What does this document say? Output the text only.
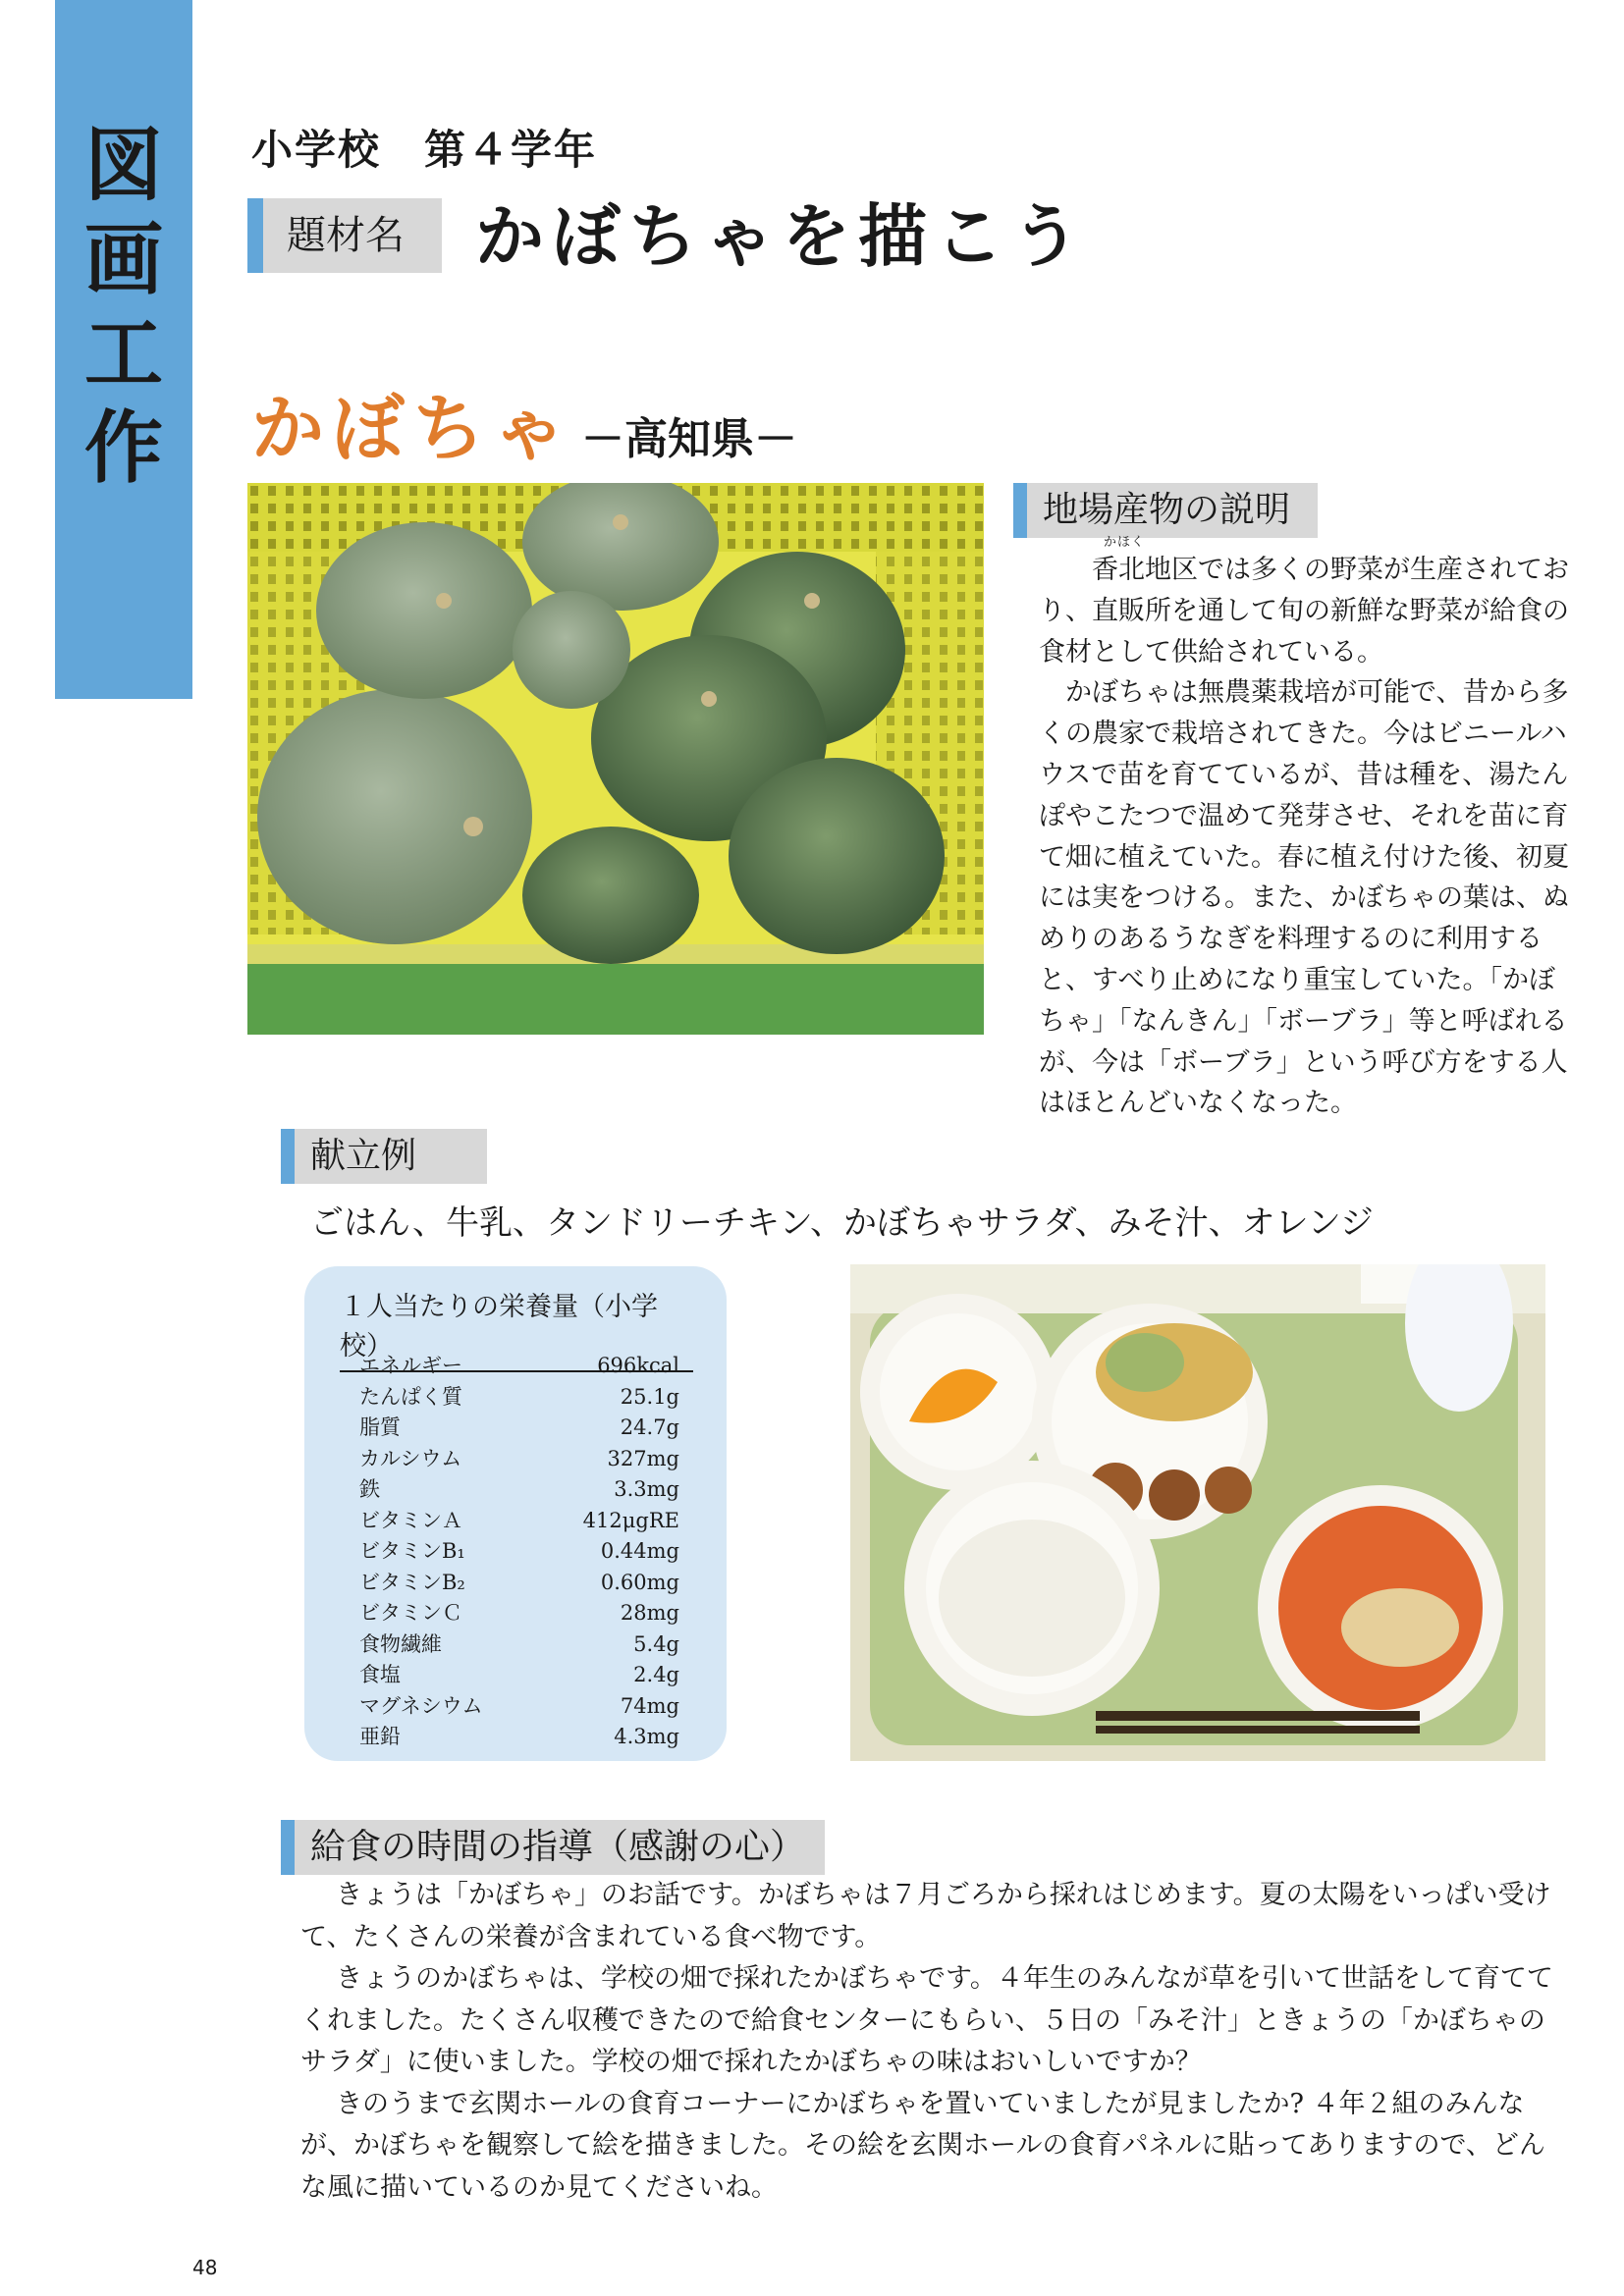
図
画
工
作
小学校　第４学年
題材名	かぼちゃを描こう
かぼちゃ －高知県－
地場産物の説明

かほく
香北地区では多くの野菜が生産されており、直販所を通して旬の新鮮な野菜が給食の食材として供給されている。

かぼちゃは無農薬栽培が可能で、昔から多くの農家で栽培されてきた。今はビニールハウスで苗を育てているが、昔は種を、湯たんぽやこたつで温めて発芽させ、それを苗に育て畑に植えていた。春に植え付けた後、初夏には実をつける。また、かぼちゃの葉は、ぬめりのあるうなぎを料理するのに利用すると、すべり止めになり重宝していた。「かぼちゃ」「なんきん」「ボーブラ」等と呼ばれるが、今は「ボーブラ」という呼び方をする人はほとんどいなくなった。

献立例
ごはん、牛乳、タンドリーチキン、かぼちゃサラダ、みそ汁、オレンジ
１人当たりの栄養量（小学校）
エネルギー	696kcal
たんぱく質	25.1g
脂質	24.7g
カルシウム	327mg
鉄	3.3mg
ビタミンＡ	412μgRE
ビタミンB₁	0.44mg
ビタミンB₂	0.60mg
ビタミンＣ	28mg
食物繊維	5.4g
食塩	2.4g
マグネシウム	74mg
亜鉛	4.3mg
給食の時間の指導（感謝の心）

きょうは「かぼちゃ」のお話です。かぼちゃは７月ごろから採れはじめます。夏の太陽をいっぱい受けて、たくさんの栄養が含まれている食べ物です。

きょうのかぼちゃは、学校の畑で採れたかぼちゃです。４年生のみんなが草を引いて世話をして育ててくれました。たくさん収穫できたので給食センターにもらい、５日の「みそ汁」ときょうの「かぼちゃのサラダ」に使いました。学校の畑で採れたかぼちゃの味はおいしいですか？

きのうまで玄関ホールの食育コーナーにかぼちゃを置いていましたが見ましたか? ４年２組のみんなが、かぼちゃを観察して絵を描きました。その絵を玄関ホールの食育パネルに貼ってありますので、どんな風に描いているのか見てくださいね。

48
